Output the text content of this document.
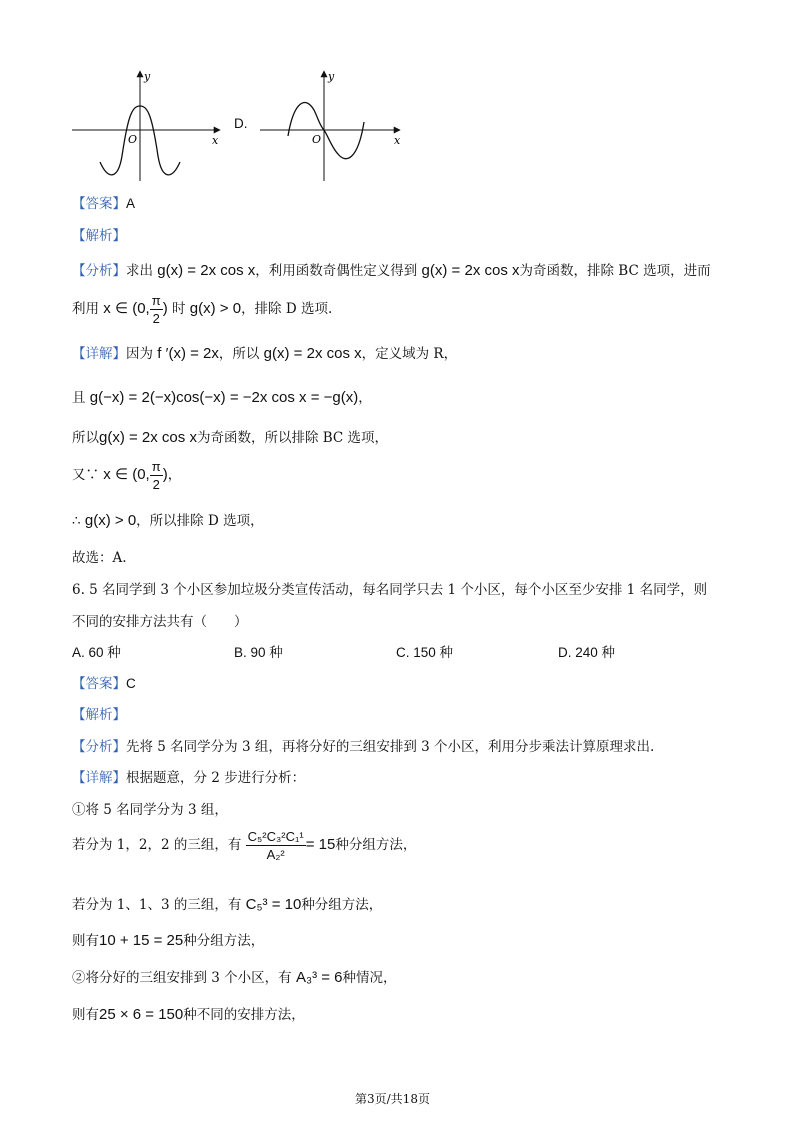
y
O	x
D.
y
O	x
【答案】A
【解析】
【分析】求出 g(x) = 2x cos x，利用函数奇偶性定义得到 g(x) = 2x cos x为奇函数，排除 BC 选项，进而
利用 x ∈ (0, $\frac{\pi}{2}$ ) 时 g(x) > 0，排除 D 选项.
【详解】因为 f ′(x) = 2x，所以 g(x) = 2x cos x，定义域为 R，
且 g(−x) = 2(−x)cos(−x) = −2x cos x = −g(x)，
所以g(x) = 2x cos x为奇函数，所以排除 BC 选项，
又∵ x ∈ (0, $\frac{\pi}{2}$ )，
∴ g(x) > 0，所以排除 D 选项，
故选：A.
6. 5 名同学到 3 个小区参加垃圾分类宣传活动，每名同学只去 1 个小区，每个小区至少安排 1 名同学，则
不同的安排方法共有（　　）
A. 60 种	B. 90 种	C. 150 种	D. 240 种
【答案】C
【解析】
【分析】先将 5 名同学分为 3 组，再将分好的三组安排到 3 个小区，利用分步乘法计算原理求出.
【详解】根据题意，分 2 步进行分析：
①将 5 名同学分为 3 组，
若分为 1，2，2 的三组，有 $\frac{\text{C₅²C₃²C₁¹}}{\text{A₂²}} = 15$种分组方法，
若分为 1、1、3 的三组，有 C₅³ = 10种分组方法，
则有10 + 15 = 25种分组方法，
②将分好的三组安排到 3 个小区，有 A₃³ = 6种情况，
则有25 × 6 = 150种不同的安排方法，
第3页/共18页
